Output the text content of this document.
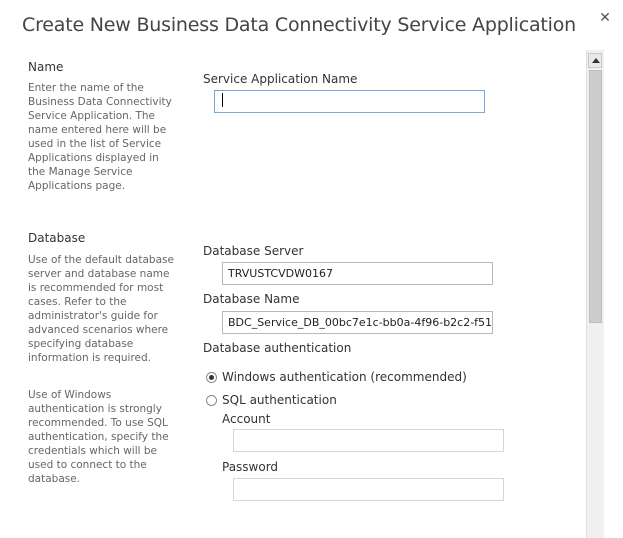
Create New Business Data Connectivity Service Application ✕
Name
Enter the name of the Business Data Connectivity Service Application. The name entered here will be used in the list of Service Applications displayed in the Manage Service Applications page.
Service Application Name
Database
Use of the default database server and database name is recommended for most cases. Refer to the administrator's guide for advanced scenarios where specifying database information is required.
Use of Windows authentication is strongly recommended. To use SQL authentication, specify the credentials which will be used to connect to the database.
Database Server
TRVUSTCVDW0167
Database Name
BDC_Service_DB_00bc7e1c-bb0a-4f96-b2c2-f51
Database authentication
Windows authentication (recommended)
SQL authentication
Account
Password
